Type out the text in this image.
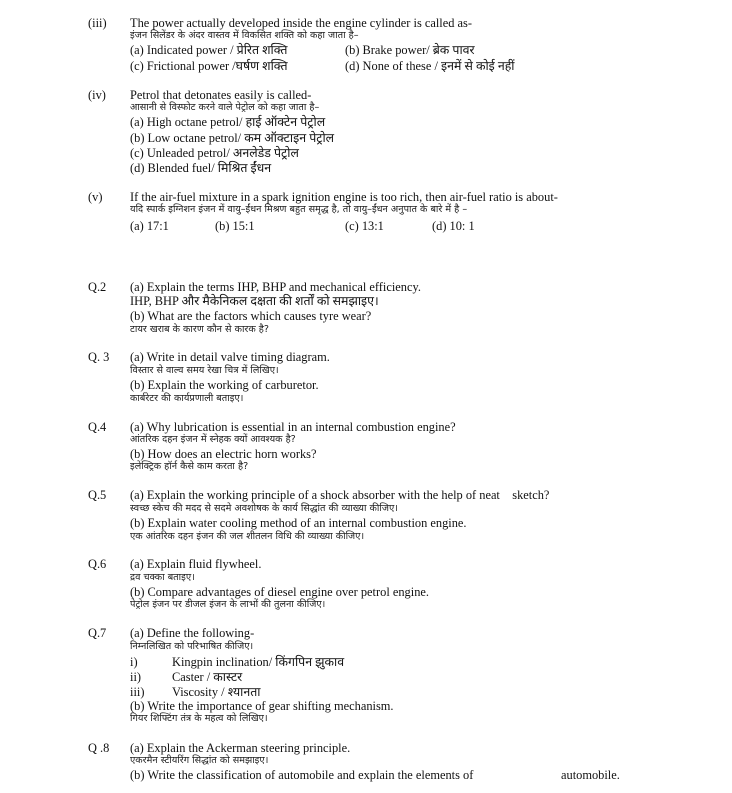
(iii) The power actually developed inside the engine cylinder is called as-
इंजन सिलेंडर के अंदर वास्तव में विकसित शक्ति को कहा जाता है–
(a) Indicated power / प्रेरित शक्ति	(b) Brake power/ ब्रेक पावर
(c) Frictional power /घर्षण शक्ति	(d) None of these / इनमें से कोई नहीं
(iv) Petrol that detonates easily is called-
आसानी से विस्फोट करने वाले पेट्रोल को कहा जाता है–
(a) High octane petrol/ हाई ऑक्टेन पेट्रोल
(b) Low octane petrol/ कम ऑक्टाइन पेट्रोल
(c) Unleaded petrol/ अनलेडेड पेट्रोल
(d) Blended fuel/ मिश्रित ईंधन
(v) If the air-fuel mixture in a spark ignition engine is too rich, then air-fuel ratio is about-
यदि स्पार्क इग्निशन इंजन में वायु–ईंधन मिश्रण बहुत समृद्ध है, तो वायु–ईंधन अनुपात के बारे में है –
(a) 17:1	(b) 15:1	(c) 13:1	(d) 10: 1
Q.2 (a) Explain the terms IHP, BHP and mechanical efficiency.
IHP, BHP और मैकेनिकल दक्षता की शर्तों को समझाइए।
(b) What are the factors which causes tyre wear?
टायर खराब के कारण कौन से कारक है?
Q. 3 (a) Write in detail valve timing diagram.
विस्तार से वाल्व समय रेखा चित्र में लिखिए।
(b) Explain the working of carburetor.
कार्बरेटर की कार्यप्रणाली बताइए।
Q.4 (a) Why lubrication is essential in an internal combustion engine?
आंतरिक दहन इंजन में स्नेहक क्यों आवश्यक है?
(b) How does an electric horn works?
इलेक्ट्रिक हॉर्न कैसे काम करता है?
Q.5 (a) Explain the working principle of a shock absorber with the help of neat    sketch?
स्वच्छ स्केच की मदद से सदमे अवशोषक के कार्य सिद्धांत की व्याख्या कीजिए।
(b) Explain water cooling method of an internal combustion engine.
एक आंतरिक दहन इंजन की जल शीतलन विधि की व्याख्या कीजिए।
Q.6 (a) Explain fluid flywheel.
द्रव चक्का बताइए।
(b) Compare advantages of diesel engine over petrol engine.
पेट्रोल इंजन पर डीजल इंजन के लाभों की तुलना कीजिए।
Q.7 (a) Define the following-
निम्नलिखित को परिभाषित कीजिए।
i)	Kingpin inclination/ किंगपिन झुकाव
ii) Caster / कास्टर
iii) Viscosity / श्यानता
(b) Write the importance of gear shifting mechanism.
गियर शिफ्टिंग तंत्र के महत्व को लिखिए।
Q .8 (a) Explain the Ackerman steering principle.
एकरमैन स्टीयरिंग सिद्धांत को समझाइए।
(b) Write the classification of automobile and explain the elements of	automobile.
